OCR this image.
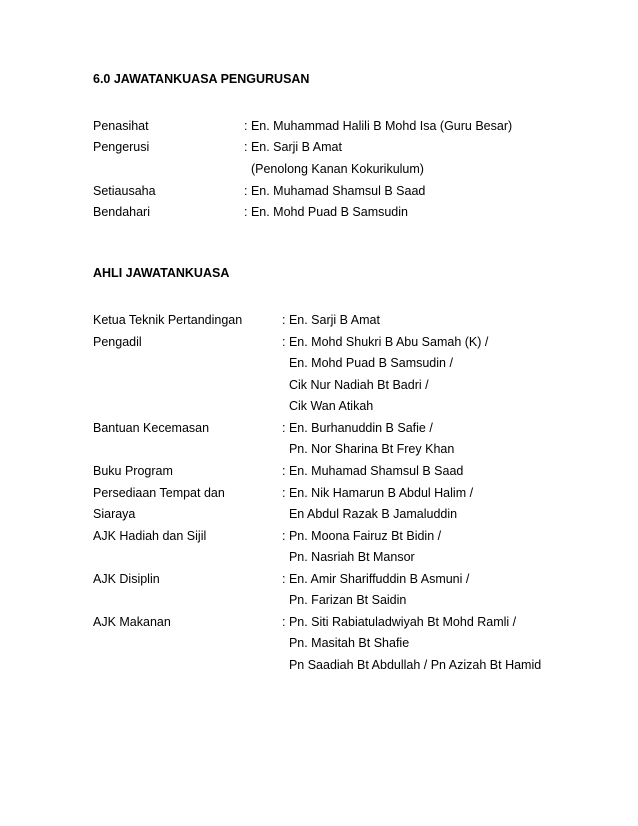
6.0 JAWATANKUASA PENGURUSAN
Penasihat	: En. Muhammad Halili B Mohd Isa (Guru Besar)
Pengerusi	: En. Sarji B Amat
(Penolong Kanan Kokurikulum)
Setiausaha	: En. Muhamad Shamsul B Saad
Bendahari	: En. Mohd Puad B Samsudin
AHLI JAWATANKUASA
Ketua Teknik Pertandingan	: En. Sarji B Amat
Pengadil	: En. Mohd Shukri B Abu Samah (K) /
En. Mohd Puad B Samsudin /
Cik Nur Nadiah Bt Badri /
Cik Wan Atikah
Bantuan Kecemasan	: En. Burhanuddin B Safie /
Pn. Nor Sharina Bt Frey Khan
Buku Program	: En. Muhamad Shamsul B Saad
Persediaan Tempat dan	: En. Nik Hamarun B Abdul Halim /
Siaraya	En Abdul Razak B Jamaluddin
AJK Hadiah dan Sijil	: Pn. Moona Fairuz Bt Bidin /
Pn. Nasriah Bt Mansor
AJK Disiplin	: En. Amir Shariffuddin B Asmuni /
Pn. Farizan Bt Saidin
AJK Makanan	: Pn. Siti Rabiatuladwiyah Bt Mohd Ramli /
Pn. Masitah Bt Shafie
Pn Saadiah Bt Abdullah / Pn Azizah Bt Hamid
